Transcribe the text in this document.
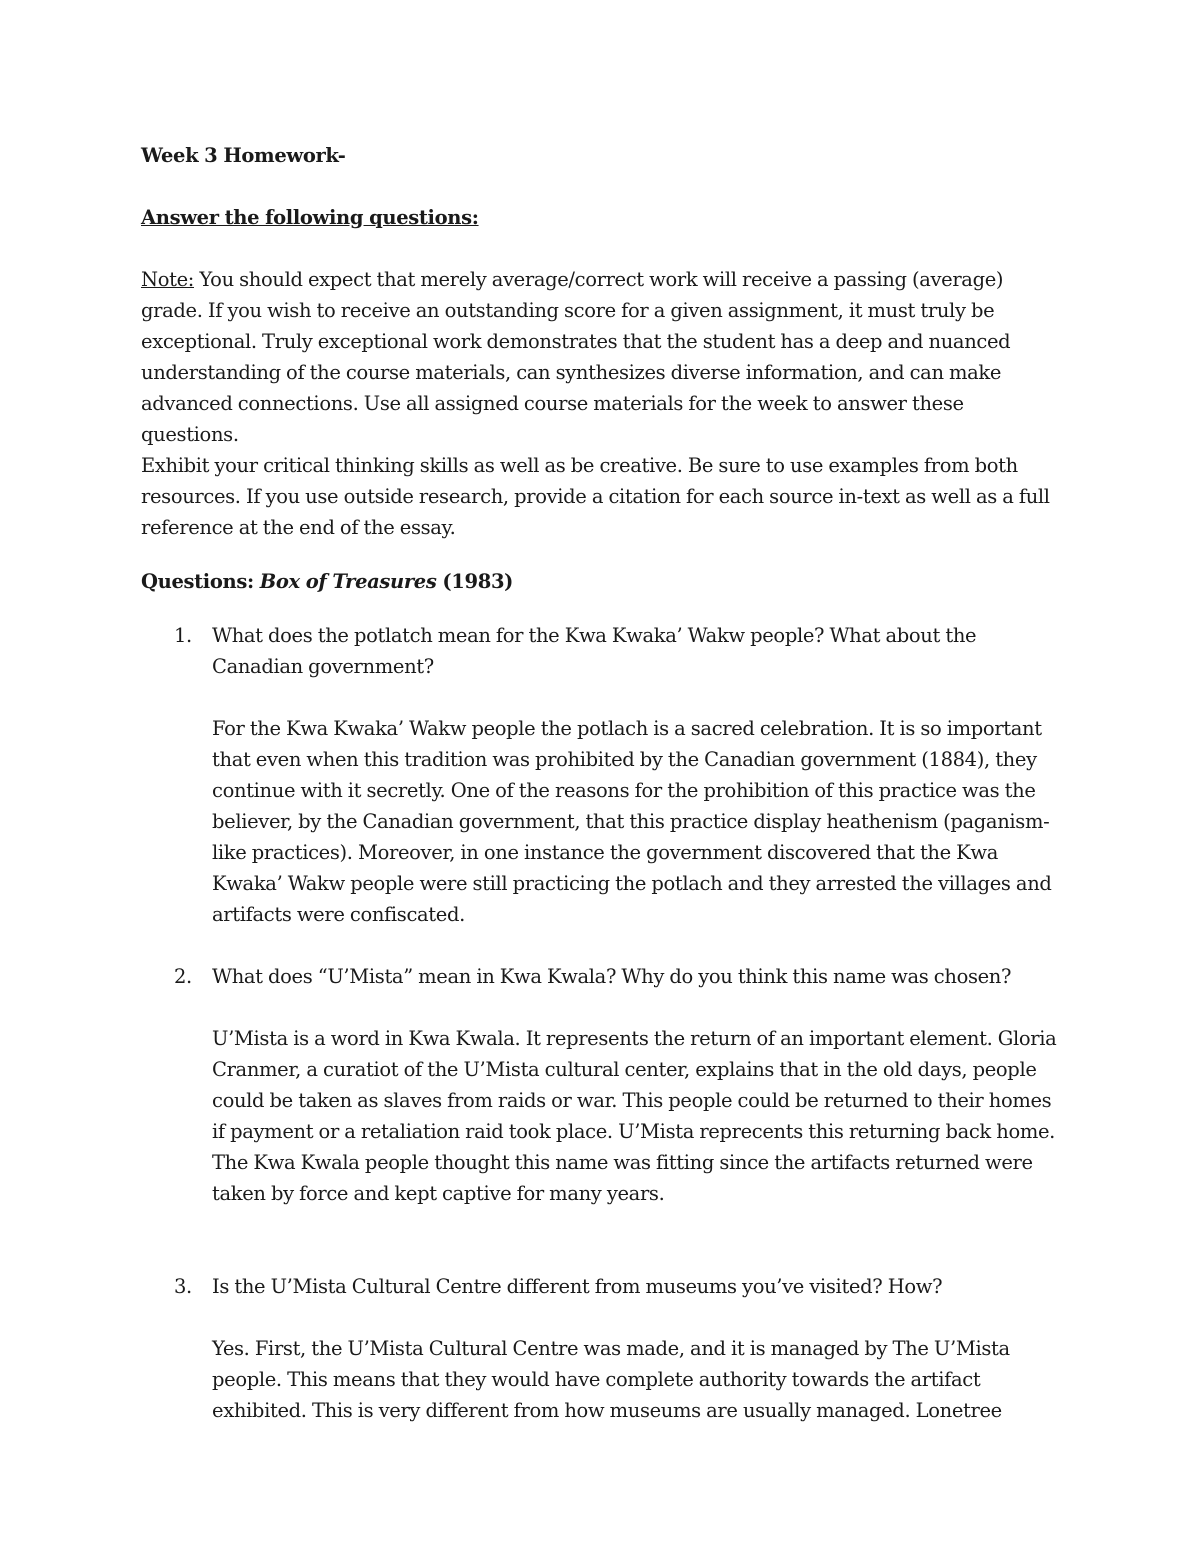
Week 3 Homework-
Answer the following questions:
Note: You should expect that merely average/correct work will receive a passing (average) grade. If you wish to receive an outstanding score for a given assignment, it must truly be exceptional. Truly exceptional work demonstrates that the student has a deep and nuanced understanding of the course materials, can synthesizes diverse information, and can make advanced connections. Use all assigned course materials for the week to answer these questions.
Exhibit your critical thinking skills as well as be creative. Be sure to use examples from both resources. If you use outside research, provide a citation for each source in-text as well as a full reference at the end of the essay.
Questions: Box of Treasures (1983)
1. What does the potlatch mean for the Kwa Kwaka’ Wakw people? What about the Canadian government?
For the Kwa Kwaka’ Wakw people the potlach is a sacred celebration. It is so important that even when this tradition was prohibited by the Canadian government (1884), they continue with it secretly. One of the reasons for the prohibition of this practice was the believer, by the Canadian government, that this practice display heathenism (paganism-like practices). Moreover, in one instance the government discovered that the Kwa Kwaka’ Wakw people were still practicing the potlach and they arrested the villages and artifacts were confiscated.
2. What does “U’Mista” mean in Kwa Kwala? Why do you think this name was chosen?
U’Mista is a word in Kwa Kwala. It represents the return of an important element. Gloria Cranmer, a curatiot of the U’Mista cultural center, explains that in the old days, people could be taken as slaves from raids or war. This people could be returned to their homes if payment or a retaliation raid took place. U’Mista reprecents this returning back home. The Kwa Kwala people thought this name was fitting since the artifacts returned were taken by force and kept captive for many years.
3. Is the U’Mista Cultural Centre different from museums you’ve visited? How?
Yes. First, the U’Mista Cultural Centre was made, and it is managed by The U’Mista people. This means that they would have complete authority towards the artifact exhibited. This is very different from how museums are usually managed. Lonetree
